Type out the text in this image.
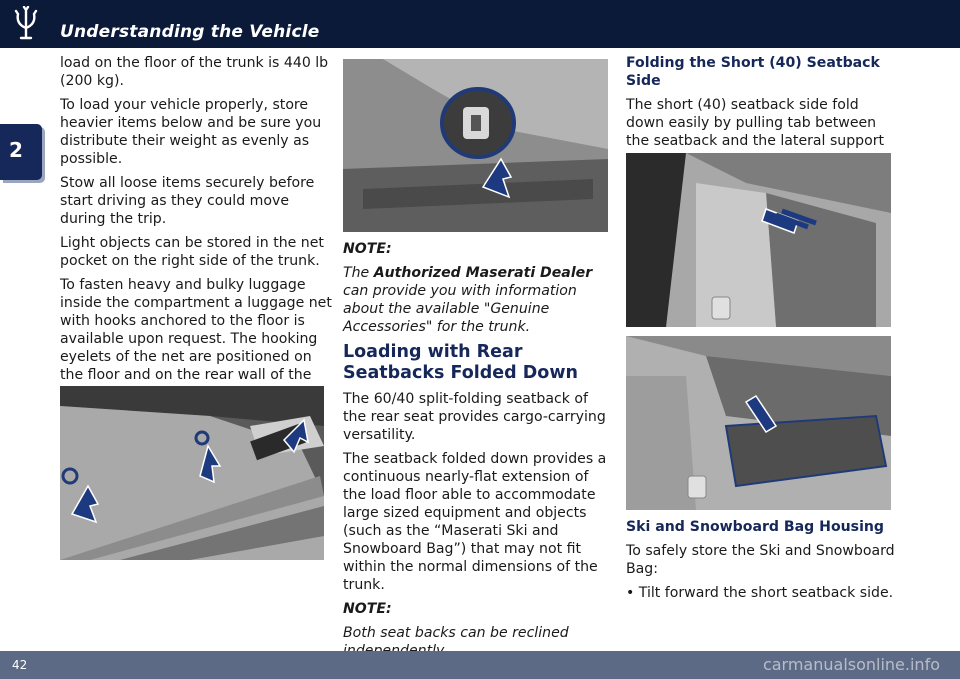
Understanding the Vehicle
2

load on the floor of the trunk is 440 lb (200 kg).

To load your vehicle properly, store heavier items below and be sure you distribute their weight as evenly as possible.

Stow all loose items securely before start driving as they could move during the trip.

Light objects can be stored in the net pocket on the right side of the trunk.

To fasten heavy and bulky luggage inside the compartment a luggage net with hooks anchored to the floor is available upon request. The hooking eyelets of the net are positioned on the floor and on the rear wall of the

NOTE:

The Authorized Maserati Dealer can provide you with information about the available "Genuine Accessories" for the trunk.

Loading with Rear Seatbacks Folded Down

The 60/40 split-folding seatback of the rear seat provides cargo-carrying versatility.

The seatback folded down provides a continuous nearly-flat extension of the load floor able to accommodate large sized equipment and objects (such as the “Maserati Ski and Snowboard Bag”) that may not fit within the normal dimensions of the trunk.

NOTE:

Both seat backs can be reclined

Folding the Short (40) Seatback Side

The short (40) seatback side fold down easily by pulling tab between the seatback and the lateral support

Ski and Snowboard Bag Housing

To safely store the Ski and Snowboard Bag:

• Tilt forward the short seatback side.

42	carmanualsonline.info
